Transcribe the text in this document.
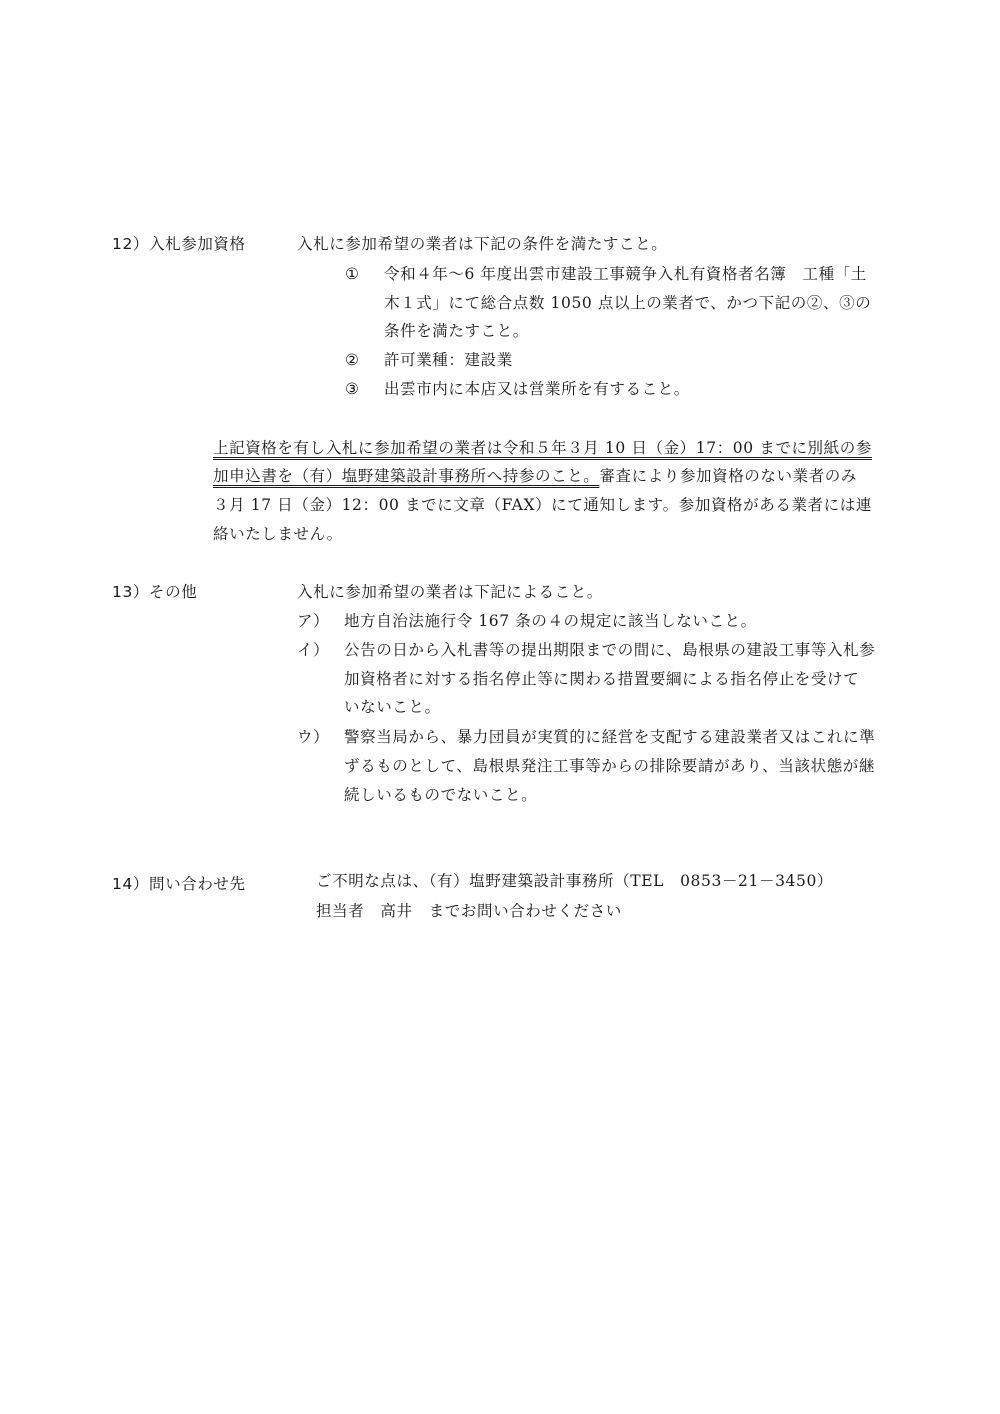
12）入札参加資格	入札に参加希望の業者は下記の条件を満たすこと。
① 令和４年～6 年度出雲市建設工事競争入札有資格者名簿　工種「土
木１式」にて総合点数 1050 点以上の業者で、かつ下記の②、③の
条件を満たすこと。
② 許可業種：建設業
③ 出雲市内に本店又は営業所を有すること。
上記資格を有し入札に参加希望の業者は令和５年３月 10 日（金）17：00 までに別紙の参
加申込書を（有）塩野建築設計事務所へ持参のこと。審査により参加資格のない業者のみ
３月 17 日（金）12：00 までに文章（FAX）にて通知します。参加資格がある業者には連
絡いたしません。
13）その他	入札に参加希望の業者は下記によること。
ア） 地方自治法施行令 167 条の４の規定に該当しないこと。
イ） 公告の日から入札書等の提出期限までの間に、島根県の建設工事等入札参
加資格者に対する指名停止等に関わる措置要綱による指名停止を受けて
いないこと。
ウ） 警察当局から、暴力団員が実質的に経営を支配する建設業者又はこれに準
ずるものとして、島根県発注工事等からの排除要請があり、当該状態が継
続しいるものでないこと。
14）問い合わせ先	ご不明な点は、（有）塩野建築設計事務所（TEL　0853－21－3450）
担当者　高井　までお問い合わせください
